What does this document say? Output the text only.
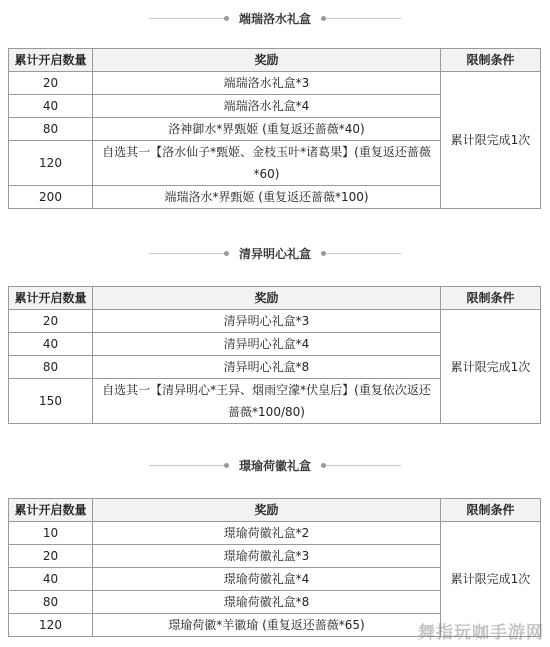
端瑞洛水礼盒
累计开启数量	奖励	限制条件
20	端瑞洛水礼盒*3	累计限完成1次
40	端瑞洛水礼盒*4	
80	洛神御水*界甄姬 (重复返还蔷薇*40)	
120	自选其一【洛水仙子*甄姬、金枝玉叶*诸葛果】(重复返还蔷薇*60)	
200	端瑞洛水*界甄姬 (重复返还蔷薇*100)	
清异明心礼盒
累计开启数量	奖励	限制条件
20	清异明心礼盒*3	累计限完成1次
40	清异明心礼盒*4	
80	清异明心礼盒*8	
150	自选其一【清异明心*王异、烟雨空濛*伏皇后】(重复依次返还蔷薇*100/80)	
璟瑜荷徽礼盒
累计开启数量	奖励	限制条件
10	璟瑜荷徽礼盒*2	累计限完成1次
20	璟瑜荷徽礼盒*3	
40	璟瑜荷徽礼盒*4	
80	璟瑜荷徽礼盒*8	
120	璟瑜荷徽*羊徽瑜 (重复返还蔷薇*65)		舞指玩咖手游网
